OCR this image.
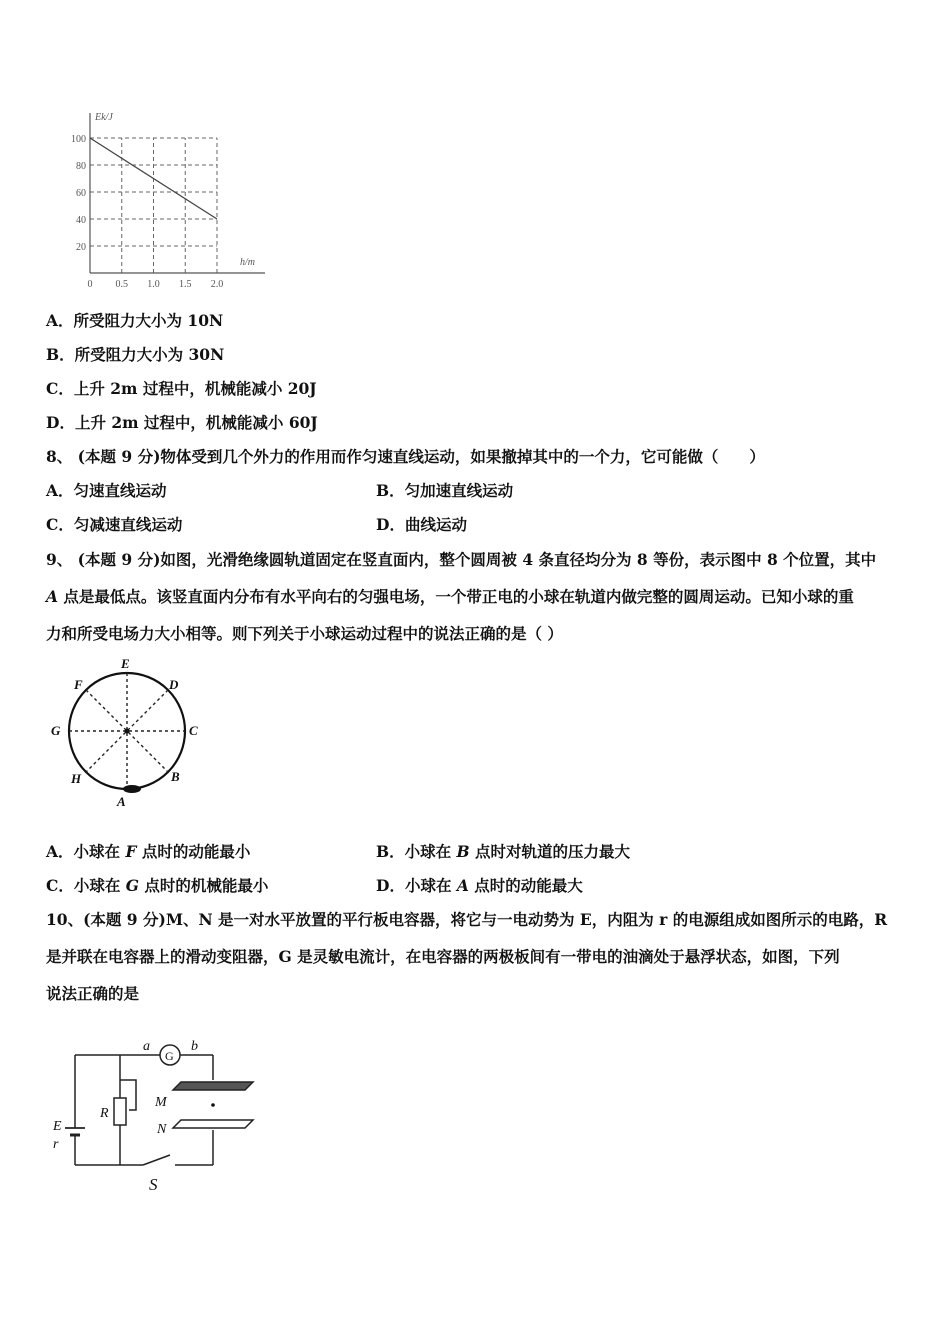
Ek/J
h/m
20
40
60
80
100
0 0.5 1.0 1.5 2.0
A．所受阻力大小为 10N
B．所受阻力大小为 30N
C．上升 2m 过程中，机械能减小 20J
D．上升 2m 过程中，机械能减小 60J
8、 (本题 9 分)物体受到几个外力的作用而作匀速直线运动，如果撤掉其中的一个力，它可能做（　　）
A．匀速直线运动	B．匀加速直线运动
C．匀减速直线运动	D．曲线运动
9、 (本题 9 分)如图，光滑绝缘圆轨道固定在竖直面内，整个圆周被 4 条直径均分为 8 等份，表示图中 8 个位置，其中
A 点是最低点。该竖直面内分布有水平向右的匀强电场，一个带正电的小球在轨道内做完整的圆周运动。已知小球的重
力和所受电场力大小相等。则下列关于小球运动过程中的说法正确的是（ ）
E
D
F
G	C
H	B
A
A．小球在 F 点时的动能最小	B．小球在 B 点时对轨道的压力最大
C．小球在 G 点时的机械能最小	D．小球在 A 点时的动能最大
10、(本题 9 分)M、N 是一对水平放置的平行板电容器，将它与一电动势为 E，内阻为 r 的电源组成如图所示的电路，R
是并联在电容器上的滑动变阻器，G 是灵敏电流计，在电容器的两极板间有一带电的油滴处于悬浮状态，如图，下列
说法正确的是
a
G
b
R
M
N
E
r
S
